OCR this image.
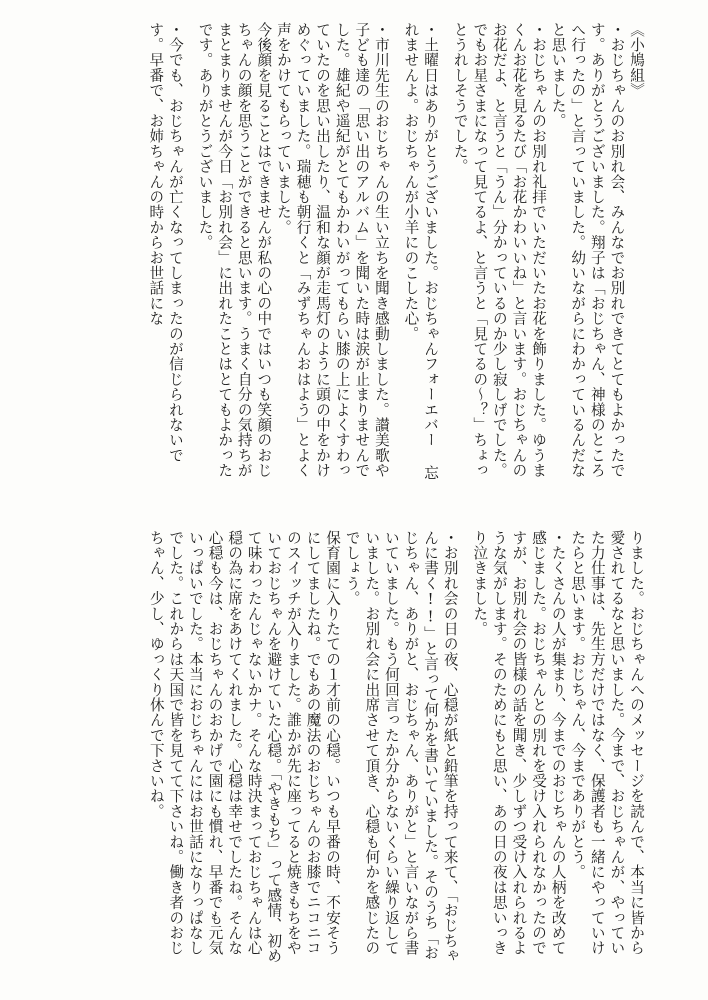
《小鳩組》
・おじちゃんのお別れ会、みんなでお別れできてとてもよかったです。ありがとうございました。翔子は「おじちゃん、神様のところへ行ったの」と言っていました。幼いながらにわかっているんだなと思いました。
・おじちゃんのお別れ礼拝でいただいたお花を飾りました。ゆうまくんお花を見るたび「お花かわいいね」と言います。おじちゃんのお花だよ、と言うと「うん」分かっているのか少し寂しげでした。でもお星さまになって見てるよ、と言うと「見てるの～？」ちょっとうれしそうでした。
・土曜日はありがとうございました。おじちゃんフォーエバー 忘れませんよ。おじちゃんが小羊にのこした心。
・市川先生のおじちゃんの生い立ちを聞き感動しました。讃美歌や子ども達の「思い出のアルバム」を聞いた時は涙が止まりませんでした。雄紀や遥紀がとてもかわいがってもらい膝の上によくすわっていたのを思い出したり、温和な顔が走馬灯のように頭の中をかけめぐっていました。瑞穂も朝行くと「みずちゃんおはよう」とよく声をかけてもらっていました。
今後顔を見ることはできませんが私の心の中ではいつも笑顔のおじちゃんの顔を思うことができると思います。うまく自分の気持ちがまとまりませんが今日「お別れ会」に出れたことはとてもよかったです。ありがとうございました。
・今でも、おじちゃんが亡くなってしまったのが信じられないです。早番で、お姉ちゃんの時からお世話にな
りました。おじちゃんへのメッセージを読んで、本当に皆から愛されてるなと思いました。今まで、おじちゃんが、やっていた力仕事は、先生方だけではなく、保護者も一緒にやっていけたらと思います。おじちゃん、今までありがとう。
・たくさんの人が集まり、今までのおじちゃんの人柄を改めて感じました。おじちゃんとの別れを受け入れられなかったのですが、お別れ会の皆様の話を聞き、少しずつ受け入れられるような気がします。そのためにもと思い、あの日の夜は思いっきり泣きました。
・お別れ会の日の夜、心穏が紙と鉛筆を持って来て、「おじちゃんに書く!!」と言って何かを書いていました。そのうち「おじちゃん、ありがと、おじちゃん、ありがと」と言いながら書いていました。もう何回言ったか分からないくらい繰り返していました。お別れ会に出席させて頂き、心穏も何かを感じたのでしょう。
保育園に入りたての１才前の心穏。いつも早番の時、不安そうにしてましたね。でもあの魔法のおじちゃんのお膝でニコニコのスイッチが入りました。誰かが先に座ってると焼きもちをやいておじちゃんを避けていた心穏。「やきもち」って感情、初めて味わったんじゃないかナ。そんな時決まっておじちゃんは心穏の為に席をあけてくれました。心穏は幸せでしたね。そんな心穏も今は、おじちゃんのおかげで園にも慣れ、早番でも元気いっぱいでした。本当におじちゃんにはお世話になりっぱなしでした。これからは天国で皆を見てて下さいね。働き者のおじちゃん、少し、ゆっくり休んで下さいね。
